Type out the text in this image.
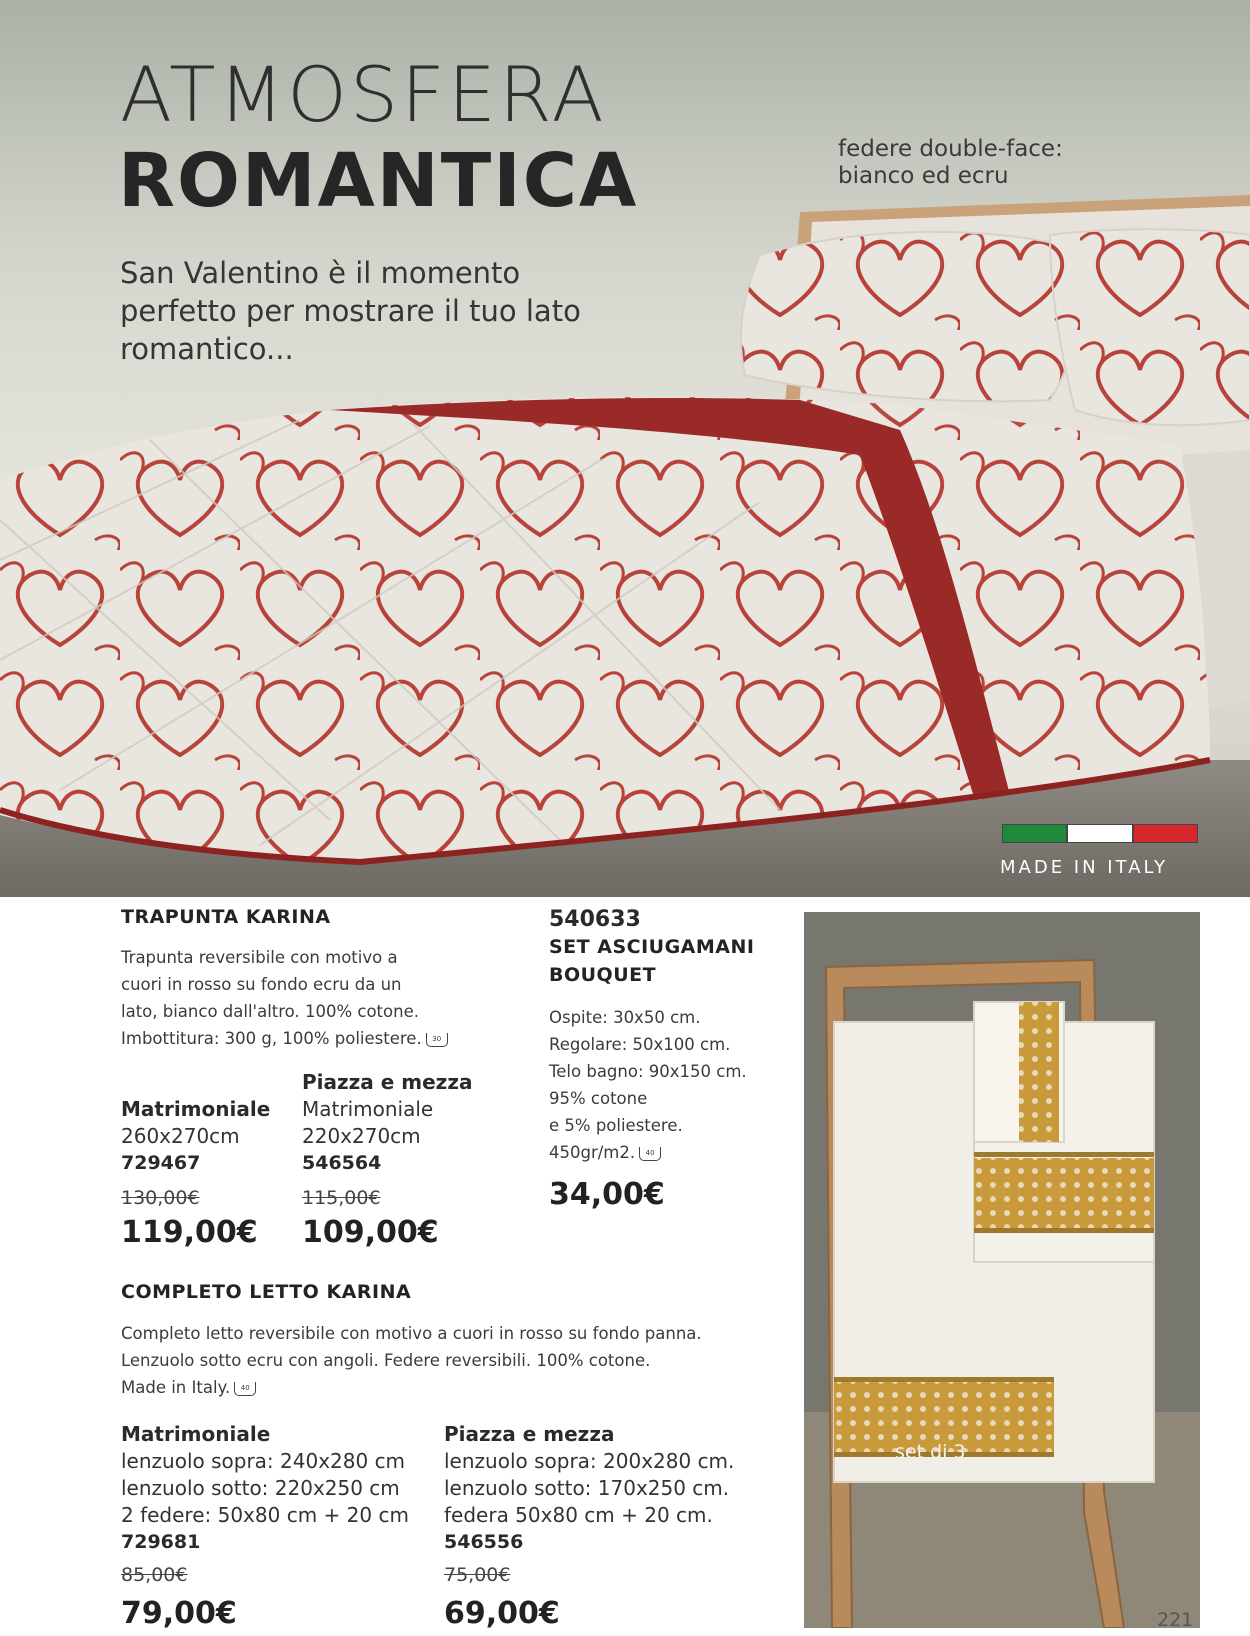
ATMOSFERA
ROMANTICA
San Valentino è il momento perfetto per mostrare il tuo lato romantico...
federe double-face:
bianco ed ecru
MADE IN ITALY
TRAPUNTA KARINA
Trapunta reversibile con motivo a
cuori in rosso su fondo ecru da un
lato, bianco dall'altro. 100% cotone.
Imbottitura: 300 g, 100% poliestere. 30
Matrimoniale
260x270cm
729467
130,00€
119,00€
Piazza e mezza
Matrimoniale
220x270cm
546564
115,00€
109,00€
540633
SET ASCIUGAMANI
BOUQUET
Ospite: 30x50 cm.
Regolare: 50x100 cm.
Telo bagno: 90x150 cm.
95% cotone
e 5% poliestere.
450gr/m2. 40
34,00€
COMPLETO LETTO KARINA
Completo letto reversibile con motivo a cuori in rosso su fondo panna.
Lenzuolo sotto ecru con angoli. Federe reversibili. 100% cotone.
Made in Italy. 40
Matrimoniale
lenzuolo sopra: 240x280 cm
lenzuolo sotto: 220x250 cm
2 federe: 50x80 cm + 20 cm
729681
85,00€
79,00€
Piazza e mezza
lenzuolo sopra: 200x280 cm.
lenzuolo sotto: 170x250 cm.
federa 50x80 cm + 20 cm.
546556
75,00€
69,00€
set di 3
221
